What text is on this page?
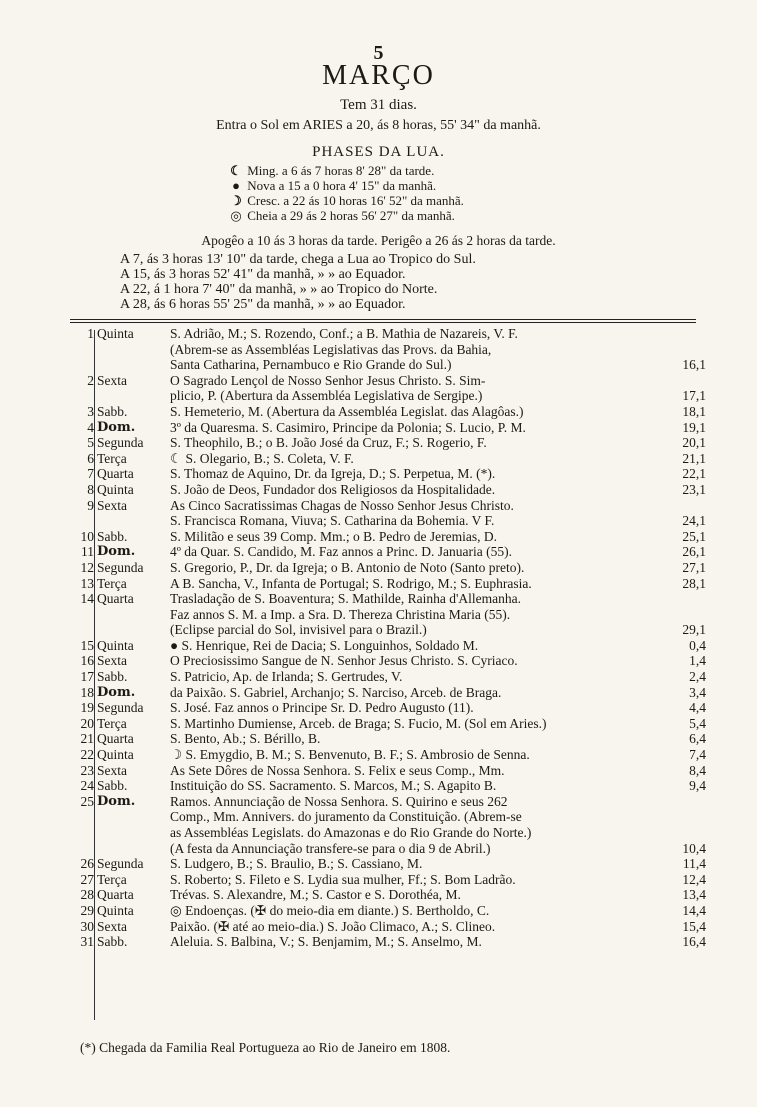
5
MARÇO
Tem 31 dias.
Entra o Sol em ARIES a 20, ás 8 horas, 55' 34" da manhã.
PHASES DA LUA.
☾ Ming. a 6 ás 7 horas 8' 28" da tarde.
● Nova a 15 a 0 hora 4' 15" da manhã.
☽ Cresc. a 22 ás 10 horas 16' 52" da manhã.
◎ Cheia a 29 ás 2 horas 56' 27" da manhã.
Apogêo a 10 ás 3 horas da tarde. Perigêo a 26 ás 2 horas da tarde.
A 7, ás 3 horas 13' 10" da tarde, chega a Lua ao Tropico do Sul.
A 15, ás 3 horas 52' 41" da manhã, » » ao Equador.
A 22, á 1 hora 7' 40" da manhã, » » ao Tropico do Norte.
A 28, ás 6 horas 55' 25" da manhã, » » ao Equador.
1 Quinta	S. Adrião, M.; S. Rozendo, Conf.; a B. Mathia de Nazareis, V. F.
(Abrem-se as Assembléas Legislativas das Provs. da Bahia,
Santa Catharina, Pernambuco e Rio Grande do Sul.)	16,1
2 Sexta	O Sagrado Lençol de Nosso Senhor Jesus Christo. S. Sim-
plicio, P. (Abertura da Assembléa Legislativa de Sergipe.)	17,1
3 Sabb.	S. Hemeterio, M. (Abertura da Assembléa Legislat. das Alagôas.)	18,1
4 Dom.	3º da Quaresma. S. Casimiro, Principe da Polonia; S. Lucio, P. M.	19,1
5 Segunda S. Theophilo, B.; o B. João José da Cruz, F.; S. Rogerio, F.	20,1
6 Terça	☾ S. Olegario, B.; S. Coleta, V. F.	21,1
7 Quarta	S. Thomaz de Aquino, Dr. da Igreja, D.; S. Perpetua, M. (*).	22,1
8 Quinta	S. João de Deos, Fundador dos Religiosos da Hospitalidade.	23,1
9 Sexta	As Cinco Sacratissimas Chagas de Nosso Senhor Jesus Christo.
S. Francisca Romana, Viuva; S. Catharina da Bohemia. V F.	24,1
10 Sabb.	S. Militão e seus 39 Comp. Mm.; o B. Pedro de Jeremias, D.	25,1
11 Dom.	4º da Quar. S. Candido, M. Faz annos a Princ. D. Januaria (55).	26,1
12 Segunda S. Gregorio, P., Dr. da Igreja; o B. Antonio de Noto (Santo preto).	27,1
13 Terça	A B. Sancha, V., Infanta de Portugal; S. Rodrigo, M.; S. Euphrasia.	28,1
14 Quarta	Trasladação de S. Boaventura; S. Mathilde, Rainha d'Allemanha.
Faz annos S. M. a Imp. a Sra. D. Thereza Christina Maria (55).
(Eclipse parcial do Sol, invisivel para o Brazil.)	29,1
15 Quinta	● S. Henrique, Rei de Dacia; S. Longuinhos, Soldado M.	0,4
16 Sexta	O Preciosissimo Sangue de N. Senhor Jesus Christo. S. Cyriaco.	1,4
17 Sabb.	S. Patricio, Ap. de Irlanda; S. Gertrudes, V.	2,4
18 Dom.	da Paixão. S. Gabriel, Archanjo; S. Narciso, Arceb. de Braga.	3,4
19 Segunda S. José. Faz annos o Principe Sr. D. Pedro Augusto (11).	4,4
20 Terça	S. Martinho Dumiense, Arceb. de Braga; S. Fucio, M. (Sol em Aries.)	5,4
21 Quarta	S. Bento, Ab.; S. Bérillo, B.	6,4
22 Quinta	☽ S. Emygdio, B. M.; S. Benvenuto, B. F.; S. Ambrosio de Senna.	7,4
23 Sexta	As Sete Dôres de Nossa Senhora. S. Felix e seus Comp., Mm.	8,4
24 Sabb.	Instituição do SS. Sacramento. S. Marcos, M.; S. Agapito B.	9,4
25 Dom.	Ramos. Annunciação de Nossa Senhora. S. Quirino e seus 262
Comp., Mm. Annivers. do juramento da Constituição. (Abrem-se
as Assembléas Legislats. do Amazonas e do Rio Grande do Norte.)
(A festa da Annunciação transfere-se para o dia 9 de Abril.)	10,4
26 Segunda S. Ludgero, B.; S. Braulio, B.; S. Cassiano, M.	11,4
27 Terça	S. Roberto; S. Fileto e S. Lydia sua mulher, Ff.; S. Bom Ladrão.	12,4
28 Quarta	Trévas. S. Alexandre, M.; S. Castor e S. Dorothéa, M.	13,4
29 Quinta	◎ Endoenças. (✠ do meio-dia em diante.) S. Bertholdo, C.	14,4
30 Sexta	Paixão. (✠ até ao meio-dia.) S. João Climaco, A.; S. Clineo.	15,4
31 Sabb.	Aleluia. S. Balbina, V.; S. Benjamim, M.; S. Anselmo, M.	16,4
(*) Chegada da Familia Real Portugueza ao Rio de Janeiro em 1808.
